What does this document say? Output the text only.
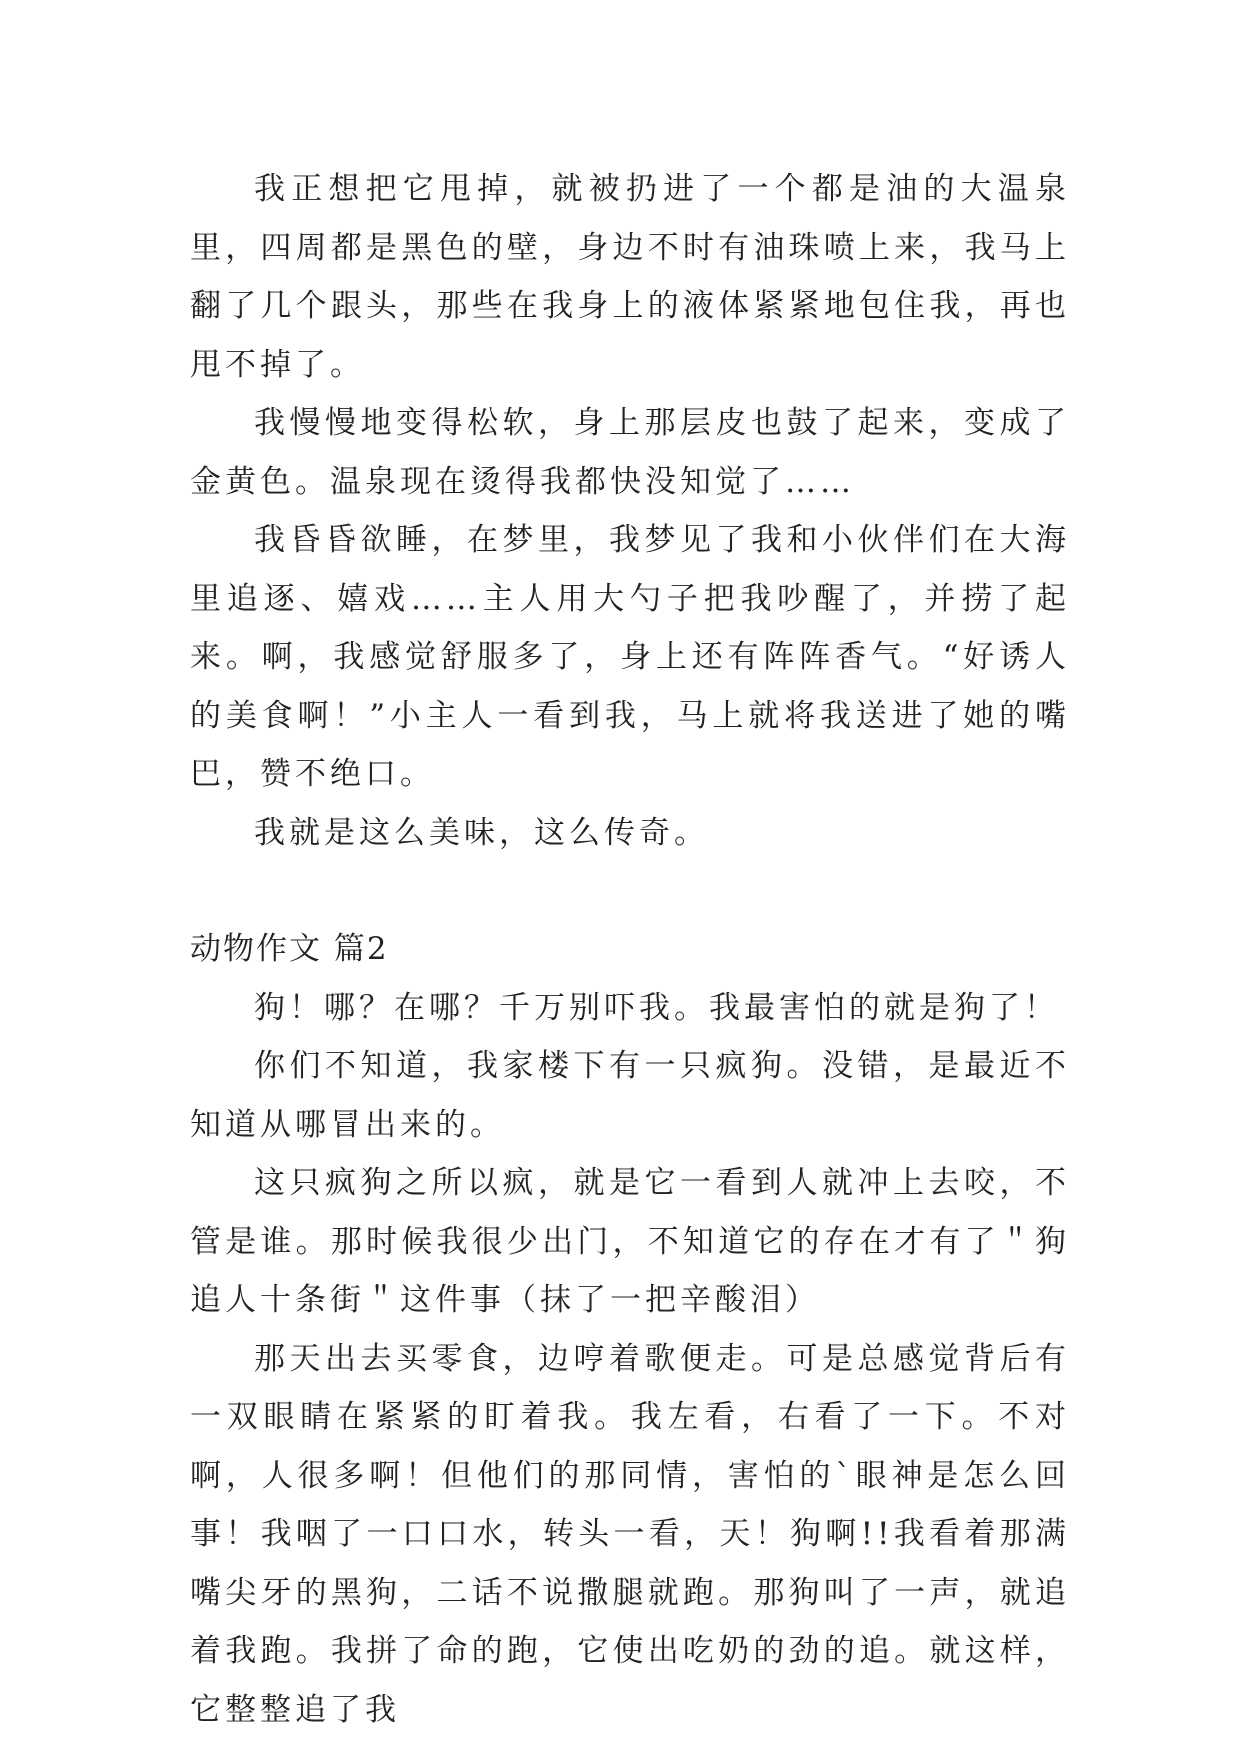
我正想把它甩掉，就被扔进了一个都是油的大温泉里，四周都是黑色的壁，身边不时有油珠喷上来，我马上翻了几个跟头，那些在我身上的液体紧紧地包住我，再也甩不掉了。

我慢慢地变得松软，身上那层皮也鼓了起来，变成了金黄色。温泉现在烫得我都快没知觉了……

我昏昏欲睡，在梦里，我梦见了我和小伙伴们在大海里追逐、嬉戏……主人用大勺子把我吵醒了，并捞了起来。啊，我感觉舒服多了，身上还有阵阵香气。“好诱人的美食啊！”小主人一看到我，马上就将我送进了她的嘴巴，赞不绝口。

我就是这么美味，这么传奇。

动物作文 篇2

狗！哪？在哪？千万别吓我。我最害怕的就是狗了！

你们不知道，我家楼下有一只疯狗。没错，是最近不知道从哪冒出来的。

这只疯狗之所以疯，就是它一看到人就冲上去咬，不管是谁。那时候我很少出门，不知道它的存在才有了＂狗追人十条街＂这件事（抹了一把辛酸泪）

那天出去买零食，边哼着歌便走。可是总感觉背后有一双眼睛在紧紧的盯着我。我左看，右看了一下。不对啊，人很多啊！但他们的那同情，害怕的`眼神是怎么回事！我咽了一口口水，转头一看，天！狗啊!!我看着那满嘴尖牙的黑狗，二话不说撒腿就跑。那狗叫了一声，就追着我跑。我拼了命的跑，它使出吃奶的劲的追。就这样，它整整追了我
